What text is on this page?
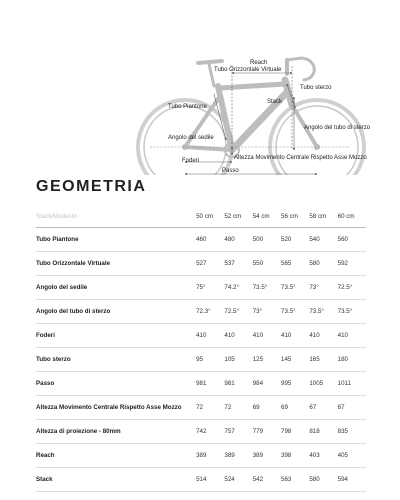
Reach
Tubo Orizzontale Virtuale
Tubo sterzo
Tubo Piantone
Stack
Angolo del sedile
Angolo del tubo di sterzo
Foderi	Altezza Movimento Centrale Rispetto Asse Mozzo
Passo
GEOMETRIA
Stack/Modesto	50 cm	52 cm	54 cm	56 cm	58 cm	60 cm
Tubo Piantone	460	480	500	520	540	560
Tubo Orizzontale Virtuale	527	537	550	565	580	592
Angolo del sedile	75°	74.2°	73.5°	73.5°	73°	72.5°
Angolo del tubo di sterzo	72.3°	72.5°	73°	73.5°	73.5°	73.5°
Foderi	410	410	410	410	410	410
Tubo sterzo	95	105	125	145	165	180
Passo	981	981	984	995	1005	1011
Altezza Movimento Centrale Rispetto Asse Mozzo	72	72	69	69	67	67
Altezza di proiezione - 80mm	742	757	779	798	818	835
Reach	389	389	389	398	403	405
Stack	514	524	542	563	580	594
